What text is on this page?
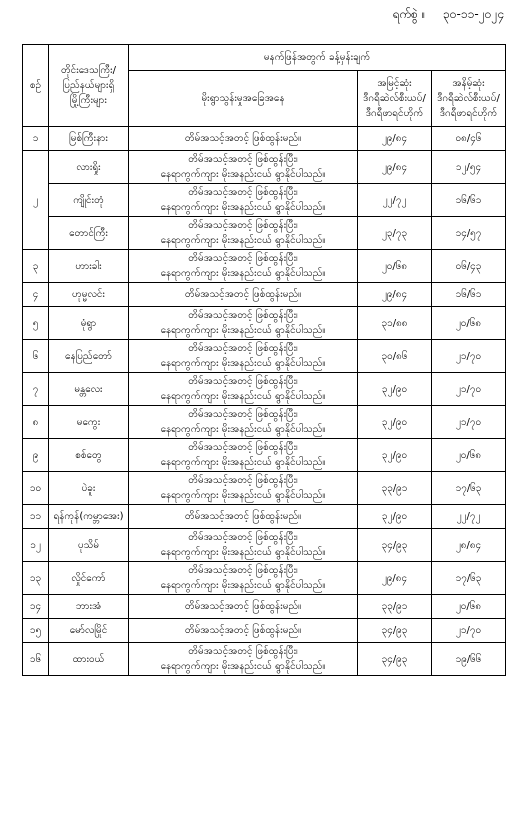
ရက်စွဲ ။ ၃၀-၁၁-၂၀၂၄
စဉ်	တိုင်းဒေသကြီး/
ပြည်နယ်များရှိ
မြို့ကြီးများ	မနက်ဖြန်အတွက် ခန့်မှန်းချက်		
		မိုးရွာသွန်းမှုအခြေအနေ	အမြင့်ဆုံး
ဒီဂရီဆဲလ်စီးယပ်/
ဒီဂရီဖာရင်ဟိုက်	အနိမ့်ဆုံး
ဒီဂရီဆဲလ်စီးယပ်/
ဒီဂရီဖာရင်ဟိုက်

၁	မြစ်ကြီးနား	တိမ်အသင့်အတင့် ဖြစ်ထွန်းမည်။	၂၉/၈၄	၀၈/၄၆
၂	လားရှိုး	တိမ်အသင့်အတင့် ဖြစ်ထွန်းပြီး၊
နေရာကွက်ကျား မိုးအနည်းငယ် ရွာနိုင်ပါသည်။	၂၉/၈၄	၁၂/၅၄
	ကျိုင်းတုံ	တိမ်အသင့်အတင့် ဖြစ်ထွန်းပြီး၊
နေရာကွက်ကျား မိုးအနည်းငယ် ရွာနိုင်ပါသည်။	၂၂/၇၂	၁၆/၆၁
	တောင်ကြီး	တိမ်အသင့်အတင့် ဖြစ်ထွန်းပြီး၊
နေရာကွက်ကျား မိုးအနည်းငယ် ရွာနိုင်ပါသည်။	၂၃/၇၃	၁၄/၅၇
၃	ဟားခါး	တိမ်အသင့်အတင့် ဖြစ်ထွန်းပြီး၊
နေရာကွက်ကျား မိုးအနည်းငယ် ရွာနိုင်ပါသည်။	၂၀/၆၈	၀၆/၄၃
၄	ဟုမ္မလင်း	တိမ်အသင့်အတင့် ဖြစ်ထွန်းမည်။	၂၉/၈၄	၁၆/၆၁
၅	မုံရွာ	တိမ်အသင့်အတင့် ဖြစ်ထွန်းပြီး၊
နေရာကွက်ကျား မိုးအနည်းငယ် ရွာနိုင်ပါသည်။	၃၁/၈၈	၂၀/၆၈
၆	နေပြည်တော်	တိမ်အသင့်အတင့် ဖြစ်ထွန်းပြီး၊
နေရာကွက်ကျား မိုးအနည်းငယ် ရွာနိုင်ပါသည်။	၃၀/၈၆	၂၁/၇၀
၇	မန္တလေး	တိမ်အသင့်အတင့် ဖြစ်ထွန်းပြီး၊
နေရာကွက်ကျား မိုးအနည်းငယ် ရွာနိုင်ပါသည်။	၃၂/၉၀	၂၁/၇၀
၈	မကွေး	တိမ်အသင့်အတင့် ဖြစ်ထွန်းပြီး၊
နေရာကွက်ကျား မိုးအနည်းငယ် ရွာနိုင်ပါသည်။	၃၂/၉၀	၂၁/၇၀
၉	စစ်တွေ	တိမ်အသင့်အတင့် ဖြစ်ထွန်းပြီး၊
နေရာကွက်ကျား မိုးအနည်းငယ် ရွာနိုင်ပါသည်။	၃၂/၉၀	၂၀/၆၈
၁၀	ပဲခူး	တိမ်အသင့်အတင့် ဖြစ်ထွန်းပြီး၊
နေရာကွက်ကျား မိုးအနည်းငယ် ရွာနိုင်ပါသည်။	၃၃/၉၁	၁၇/၆၃
၁၁	ရန်ကုန်(ကမ္ဘာအေး)	တိမ်အသင့်အတင့် ဖြစ်ထွန်းမည်။	၃၂/၉၀	၂၂/၇၂
၁၂	ပုသိမ်	တိမ်အသင့်အတင့် ဖြစ်ထွန်းပြီး၊
နေရာကွက်ကျား မိုးအနည်းငယ် ရွာနိုင်ပါသည်။	၃၄/၉၃	၂၈/၈၄
၁၃	လှိုင်ကော်	တိမ်အသင့်အတင့် ဖြစ်ထွန်းပြီး၊
နေရာကွက်ကျား မိုးအနည်းငယ် ရွာနိုင်ပါသည်။	၂၉/၈၄	၁၇/၆၃
၁၄	ဘားအံ	တိမ်အသင့်အတင့် ဖြစ်ထွန်းမည်။	၃၃/၉၁	၂၀/၆၈
၁၅	မော်လမြိုင်	တိမ်အသင့်အတင့် ဖြစ်ထွန်းမည်။	၃၄/၉၃	၂၁/၇၀
၁၆	ထားဝယ်	တိမ်အသင့်အတင့် ဖြစ်ထွန်းပြီး၊
နေရာကွက်ကျား မိုးအနည်းငယ် ရွာနိုင်ပါသည်။	၃၄/၉၃	၁၉/၆၆
